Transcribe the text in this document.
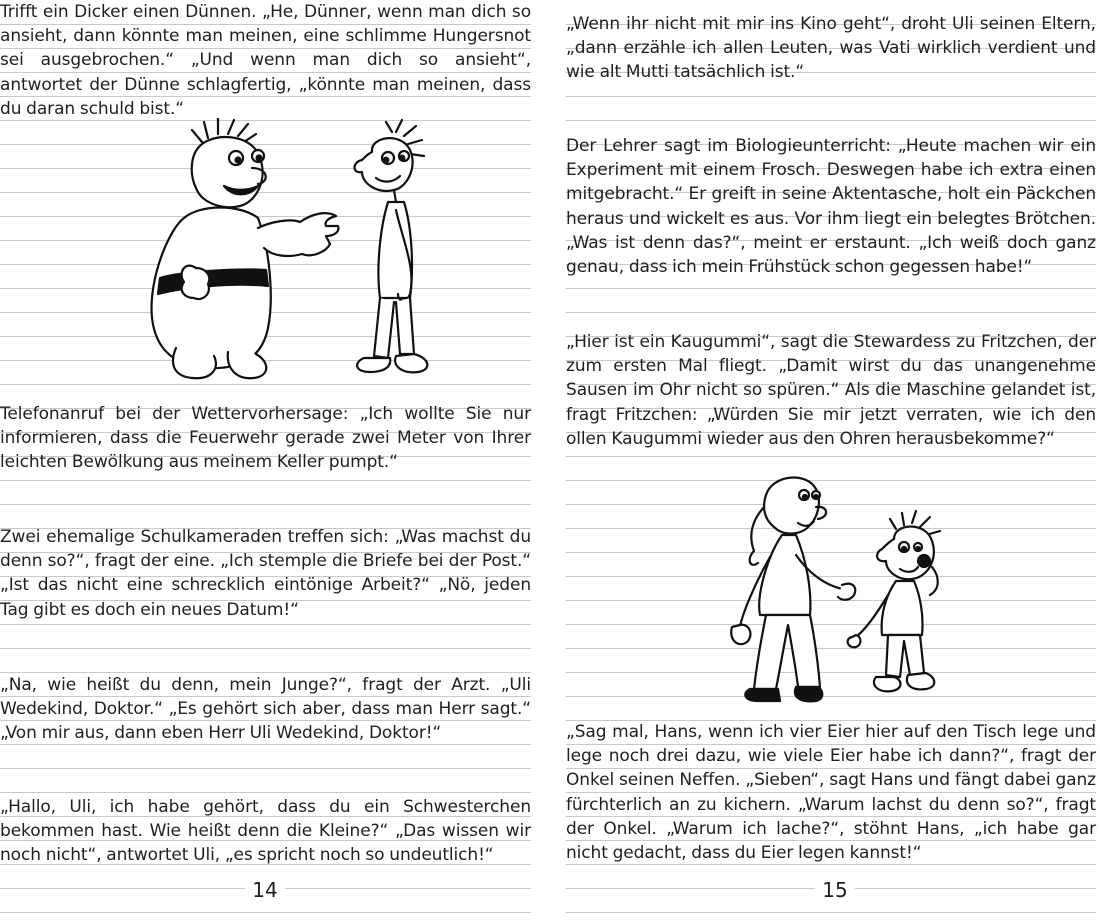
Trifft ein Dicker einen Dünnen. „He, Dünner, wenn man dich so ansieht, dann könnte man meinen, eine schlimme Hungersnot sei ausgebrochen.“ „Und wenn man dich so ansieht“, antwortet der Dünne schlagfertig, „könnte man meinen, dass du daran schuld bist.“
Telefonanruf bei der Wettervorhersage: „Ich wollte Sie nur informieren, dass die Feuerwehr gerade zwei Meter von Ihrer leichten Bewölkung aus meinem Keller pumpt.“
Zwei ehemalige Schulkameraden treffen sich: „Was machst du denn so?“, fragt der eine. „Ich stemple die Briefe bei der Post.“ „Ist das nicht eine schrecklich eintönige Arbeit?“ „Nö, jeden Tag gibt es doch ein neues Datum!“
„Na, wie heißt du denn, mein Junge?“, fragt der Arzt. „Uli Wedekind, Doktor.“ „Es gehört sich aber, dass man Herr sagt.“ „Von mir aus, dann eben Herr Uli Wedekind, Doktor!“
„Hallo, Uli, ich habe gehört, dass du ein Schwesterchen bekommen hast. Wie heißt denn die Kleine?“ „Das wissen wir noch nicht“, antwortet Uli, „es spricht noch so undeutlich!“
14
„Wenn ihr nicht mit mir ins Kino geht“, droht Uli seinen Eltern, „dann erzähle ich allen Leuten, was Vati wirklich verdient und wie alt Mutti tatsächlich ist.“
Der Lehrer sagt im Biologieunterricht: „Heute machen wir ein Experiment mit einem Frosch. Deswegen habe ich extra einen mitgebracht.“ Er greift in seine Aktentasche, holt ein Päckchen heraus und wickelt es aus. Vor ihm liegt ein belegtes Brötchen. „Was ist denn das?“, meint er erstaunt. „Ich weiß doch ganz genau, dass ich mein Frühstück schon gegessen habe!“
„Hier ist ein Kaugummi“, sagt die Stewardess zu Fritzchen, der zum ersten Mal fliegt. „Damit wirst du das unangenehme Sausen im Ohr nicht so spüren.“ Als die Maschine gelandet ist, fragt Fritzchen: „Würden Sie mir jetzt verraten, wie ich den ollen Kaugummi wieder aus den Ohren herausbekomme?“
„Sag mal, Hans, wenn ich vier Eier hier auf den Tisch lege und lege noch drei dazu, wie viele Eier habe ich dann?“, fragt der Onkel seinen Neffen. „Sieben“, sagt Hans und fängt dabei ganz fürchterlich an zu kichern. „Warum lachst du denn so?“, fragt der Onkel. „Warum ich lache?“, stöhnt Hans, „ich habe gar nicht gedacht, dass du Eier legen kannst!“
15
